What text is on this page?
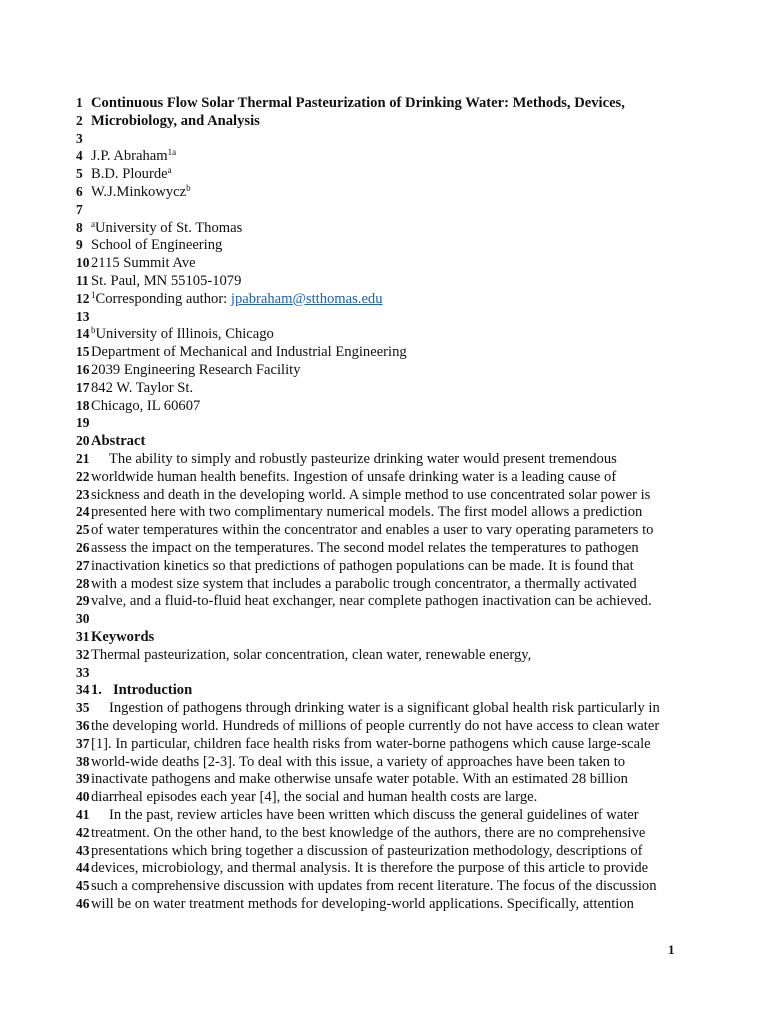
1 Continuous Flow Solar Thermal Pasteurization of Drinking Water: Methods, Devices,
2 Microbiology, and Analysis
3
4 J.P. Abraham$^{1a}$
5 B.D. Plourde$^a$
6 W.J.Minkowycz$^b$
7
8 $^a$University of St. Thomas
9 School of Engineering
10 2115 Summit Ave
11 St. Paul, MN 55105-1079
12 $^1$Corresponding author: jpabraham@stthomas.edu
13
14 $^b$University of Illinois, Chicago
15 Department of Mechanical and Industrial Engineering
16 2039 Engineering Research Facility
17 842 W. Taylor St.
18 Chicago, IL 60607
19
20 Abstract
21 The ability to simply and robustly pasteurize drinking water would present tremendous
22 worldwide human health benefits. Ingestion of unsafe drinking water is a leading cause of
23 sickness and death in the developing world. A simple method to use concentrated solar power is
24 presented here with two complimentary numerical models. The first model allows a prediction
25 of water temperatures within the concentrator and enables a user to vary operating parameters to
26 assess the impact on the temperatures. The second model relates the temperatures to pathogen
27 inactivation kinetics so that predictions of pathogen populations can be made. It is found that
28 with a modest size system that includes a parabolic trough concentrator, a thermally activated
29 valve, and a fluid-to-fluid heat exchanger, near complete pathogen inactivation can be achieved.
30
31 Keywords
32 Thermal pasteurization, solar concentration, clean water, renewable energy,
33
34 1. Introduction
35 Ingestion of pathogens through drinking water is a significant global health risk particularly in
36 the developing world. Hundreds of millions of people currently do not have access to clean water
37 [1]. In particular, children face health risks from water-borne pathogens which cause large-scale
38 world-wide deaths [2-3]. To deal with this issue, a variety of approaches have been taken to
39 inactivate pathogens and make otherwise unsafe water potable. With an estimated 28 billion
40 diarrheal episodes each year [4], the social and human health costs are large.
41 In the past, review articles have been written which discuss the general guidelines of water
42 treatment. On the other hand, to the best knowledge of the authors, there are no comprehensive
43 presentations which bring together a discussion of pasteurization methodology, descriptions of
44 devices, microbiology, and thermal analysis. It is therefore the purpose of this article to provide
45 such a comprehensive discussion with updates from recent literature. The focus of the discussion
46 will be on water treatment methods for developing-world applications. Specifically, attention
1
